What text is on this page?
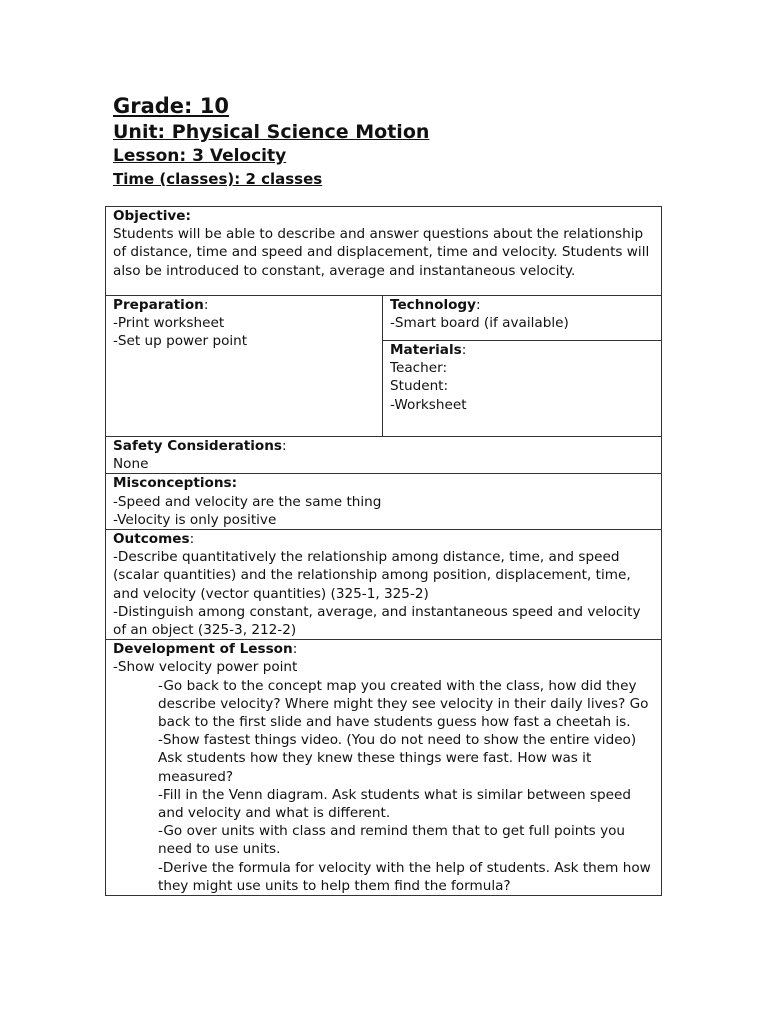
Grade: 10
Unit: Physical Science Motion
Lesson: 3 Velocity
Time (classes): 2 classes
Objective:
Students will be able to describe and answer questions about the relationship of distance, time and speed and displacement, time and velocity. Students will also be introduced to constant, average and instantaneous velocity.

Preparation:
-Print worksheet
-Set up power point

Technology:
-Smart board (if available)

Materials:
Teacher:
Student:
-Worksheet

Safety Considerations:
None

Misconceptions:
-Speed and velocity are the same thing
-Velocity is only positive

Outcomes:
-Describe quantitatively the relationship among distance, time, and speed (scalar quantities) and the relationship among position, displacement, time, and velocity (vector quantities) (325-1, 325-2)
-Distinguish among constant, average, and instantaneous speed and velocity of an object (325-3, 212-2)

Development of Lesson:
-Show velocity power point
-Go back to the concept map you created with the class, how did they describe velocity? Where might they see velocity in their daily lives? Go back to the first slide and have students guess how fast a cheetah is.
-Show fastest things video. (You do not need to show the entire video) Ask students how they knew these things were fast. How was it measured?
-Fill in the Venn diagram. Ask students what is similar between speed and velocity and what is different.
-Go over units with class and remind them that to get full points you need to use units.
-Derive the formula for velocity with the help of students. Ask them how they might use units to help them find the formula?
